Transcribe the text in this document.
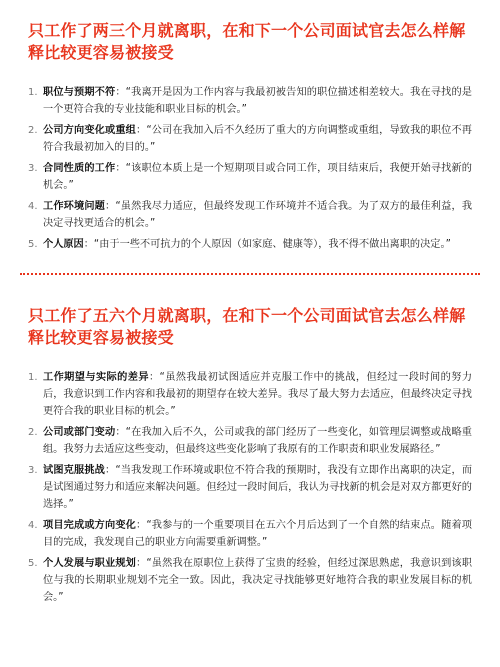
只工作了两三个月就离职，在和下一个公司面试官去怎么样解释比较更容易被接受
1. 职位与预期不符：“我离开是因为工作内容与我最初被告知的职位描述相差较大。我在寻找的是一个更符合我的专业技能和职业目标的机会。”
2. 公司方向变化或重组：“公司在我加入后不久经历了重大的方向调整或重组，导致我的职位不再符合我最初加入的目的。”
3. 合同性质的工作：“该职位本质上是一个短期项目或合同工作，项目结束后，我便开始寻找新的机会。”
4. 工作环境问题：“虽然我尽力适应，但最终发现工作环境并不适合我。为了双方的最佳利益，我决定寻找更适合的机会。”
5. 个人原因：“由于一些不可抗力的个人原因（如家庭、健康等），我不得不做出离职的决定。”
只工作了五六个月就离职，在和下一个公司面试官去怎么样解释比较更容易被接受
1. 工作期望与实际的差异：“虽然我最初试图适应并克服工作中的挑战，但经过一段时间的努力后，我意识到工作内容和我最初的期望存在较大差异。我尽了最大努力去适应，但最终决定寻找更符合我的职业目标的机会。”
2. 公司或部门变动：“在我加入后不久，公司或我的部门经历了一些变化，如管理层调整或战略重组。我努力去适应这些变动，但最终这些变化影响了我原有的工作职责和职业发展路径。”
3. 试图克服挑战：“当我发现工作环境或职位不符合我的预期时，我没有立即作出离职的决定，而是试图通过努力和适应来解决问题。但经过一段时间后，我认为寻找新的机会是对双方都更好的选择。”
4. 项目完成或方向变化：“我参与的一个重要项目在五六个月后达到了一个自然的结束点。随着项目的完成，我发现自己的职业方向需要重新调整。”
5. 个人发展与职业规划：“虽然我在原职位上获得了宝贵的经验，但经过深思熟虑，我意识到该职位与我的长期职业规划不完全一致。因此，我决定寻找能够更好地符合我的职业发展目标的机会。”
